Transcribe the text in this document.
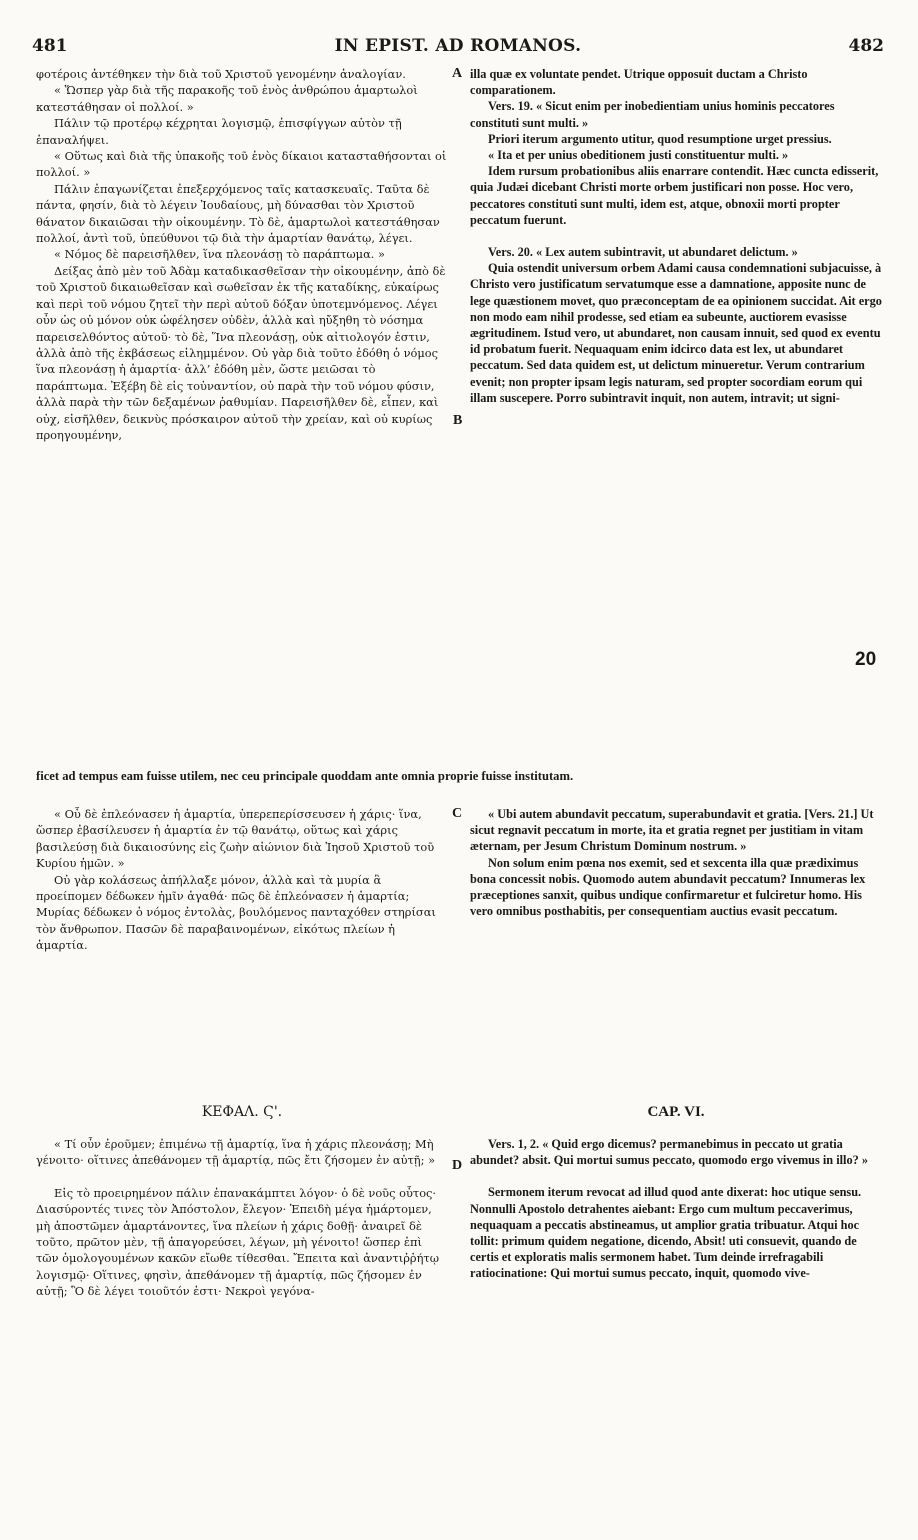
481	IN EPIST. AD ROMANOS.	482

φοτέροις ἀντέθηκεν τὴν διὰ τοῦ Χριστοῦ γενομένην ἀναλογίαν.

« Ὥσπερ γὰρ διὰ τῆς παρακοῆς τοῦ ἑνὸς ἀνθρώπου ἁμαρτωλοὶ κατεστάθησαν οἱ πολλοί. »

Πάλιν τῷ προτέρῳ κέχρηται λογισμῷ, ἐπισφίγγων αὐτὸν τῇ ἐπαναλήψει.

« Οὕτως καὶ διὰ τῆς ὑπακοῆς τοῦ ἑνὸς δίκαιοι κατασταθήσονται οἱ πολλοί. »

Πάλιν ἐπαγωνίζεται ἐπεξερχόμενος ταῖς κατασκευαῖς. Ταῦτα δὲ πάντα, φησίν, διὰ τὸ λέγειν Ἰουδαίους, μὴ δύνασθαι τὸν Χριστοῦ θάνατον δικαιῶσαι τὴν οἰκουμένην. Τὸ δὲ, ἁμαρτωλοὶ κατεστάθησαν πολλοί, ἀντὶ τοῦ, ὑπεύθυνοι τῷ διὰ τὴν ἁμαρτίαν θανάτῳ, λέγει.

« Νόμος δὲ παρεισῆλθεν, ἵνα πλεονάσῃ τὸ παράπτωμα. »

Δείξας ἀπὸ μὲν τοῦ Ἀδὰμ καταδικασθεῖσαν τὴν οἰκουμένην, ἀπὸ δὲ τοῦ Χριστοῦ δικαιωθεῖσαν καὶ σωθεῖσαν ἐκ τῆς καταδίκης, εὐκαίρως καὶ περὶ τοῦ νόμου ζητεῖ τὴν περὶ αὐτοῦ δόξαν ὑποτεμνόμενος. Λέγει οὖν ὡς οὐ μόνον οὐκ ὠφέλησεν οὐδὲν, ἀλλὰ καὶ ηὔξηθη τὸ νόσημα παρεισελθόντος αὐτοῦ· τὸ δὲ, Ἵνα πλεονάσῃ, οὐκ αἰτιολογόν ἐστιν, ἀλλὰ ἀπὸ τῆς ἐκβάσεως εἰλημμένον. Οὐ γὰρ διὰ τοῦτο ἐδόθη ὁ νόμος ἵνα πλεονάσῃ ἡ ἁμαρτία· ἀλλ’ ἐδόθη μὲν, ὥστε μειῶσαι τὸ παράπτωμα. Ἐξέβη δὲ εἰς τοὐναντίον, οὐ παρὰ τὴν τοῦ νόμου φύσιν, ἀλλὰ παρὰ τὴν τῶν δεξαμένων ῥαθυμίαν. Παρεισῆλθεν δὲ, εἶπεν, καὶ οὐχ, εἰσῆλθεν, δεικνὺς πρόσκαιρον αὐτοῦ τὴν χρείαν, καὶ οὐ κυρίως προηγουμένην,

illa quæ ex voluntate pendet. Utrique opposuit ductam a Christo comparationem.

Vers. 19. « Sicut enim per inobedientiam unius hominis peccatores constituti sunt multi. »

Priori iterum argumento utitur, quod resumptione urget pressius.

« Ita et per unius obeditionem justi constituentur multi. »

Idem rursum probationibus aliis enarrare contendit. Hæc cuncta edisserit, quia Judæi dicebant Christi morte orbem justificari non posse. Hoc vero, peccatores constituti sunt multi, idem est, atque, obnoxii morti propter peccatum fuerunt.

Vers. 20. « Lex autem subintravit, ut abundaret delictum. »

Quia ostendit universum orbem Adami causa condemnationi subjacuisse, à Christo vero justificatum servatumque esse a damnatione, apposite nunc de lege quæstionem movet, quo præconceptam de ea opinionem succidat. Ait ergo non modo eam nihil prodesse, sed etiam ea subeunte, auctiorem evasisse ægritudinem. Istud vero, ut abundaret, non causam innuit, sed quod ex eventu id probatum fuerit. Nequaquam enim idcirco data est lex, ut abundaret peccatum. Sed data quidem est, ut delictum minueretur. Verum contrarium evenit; non propter ipsam legis naturam, sed propter socordiam eorum qui illam suscepere. Porro subintravit inquit, non autem, intravit; ut signi-

A
B
C
D
20

ficet ad tempus eam fuisse utilem, nec ceu principale quoddam ante omnia proprie fuisse institutam.

« Οὗ δὲ ἐπλεόνασεν ἡ ἁμαρτία, ὑπερεπερίσσευσεν ἡ χάρις· ἵνα, ὥσπερ ἐβασίλευσεν ἡ ἁμαρτία ἐν τῷ θανάτῳ, οὕτως καὶ χάρις βασιλεύσῃ διὰ δικαιοσύνης εἰς ζωὴν αἰώνιον διὰ Ἰησοῦ Χριστοῦ τοῦ Κυρίου ἡμῶν. »

Οὐ γὰρ κολάσεως ἀπήλλαξε μόνον, ἀλλὰ καὶ τὰ μυρία ἃ προείπομεν δέδωκεν ἡμῖν ἀγαθά· πῶς δὲ ἐπλεόνασεν ἡ ἁμαρτία; Μυρίας δέδωκεν ὁ νόμος ἐντολὰς, βουλόμενος πανταχόθεν στηρίσαι τὸν ἄνθρωπον. Πασῶν δὲ παραβαινομένων, εἰκότως πλείων ἡ ἁμαρτία.

« Ubi autem abundavit peccatum, superabundavit et gratia. [Vers. 21.] Ut sicut regnavit peccatum in morte, ita et gratia regnet per justitiam in vitam æternam, per Jesum Christum Dominum nostrum. »

Non solum enim pœna nos exemit, sed et sexcenta illa quæ prædiximus bona concessit nobis. Quomodo autem abundavit peccatum? Innumeras lex præceptiones sanxit, quibus undique confirmaretur et fulciretur homo. His vero omnibus posthabitis, per consequentiam auctius evasit peccatum.

ΚΕΦΑΛ. Ϛ'.	CAP. VI.

« Τί οὖν ἐροῦμεν; ἐπιμένω τῇ ἁμαρτίᾳ, ἵνα ἡ χάρις πλεονάσῃ; Μὴ γένοιτο· οἵτινες ἀπεθάνομεν τῇ ἁμαρτίᾳ, πῶς ἔτι ζήσομεν ἐν αὐτῇ; »

Εἰς τὸ προειρημένον πάλιν ἐπανακάμπτει λόγον· ὁ δὲ νοῦς οὗτος· Διασύροντές τινες τὸν Ἀπόστολον, ἔλεγον· Ἐπειδὴ μέγα ἡμάρτομεν, μὴ ἀποστῶμεν ἁμαρτάνοντες, ἵνα πλείων ἡ χάρις δοθῇ· ἀναιρεῖ δὲ τοῦτο, πρῶτον μὲν, τῇ ἀπαγορεύσει, λέγων, μὴ γένοιτο! ὥσπερ ἐπὶ τῶν ὁμολογουμένων κακῶν εἴωθε τίθεσθαι. Ἔπειτα καὶ ἀναντιῤῥήτῳ λογισμῷ· Οἵτινες, φησὶν, ἀπεθάνομεν τῇ ἁμαρτίᾳ, πῶς ζήσομεν ἐν αὐτῇ; Ὃ δὲ λέγει τοιοῦτόν ἐστι· Νεκροὶ γεγόνα-

Vers. 1, 2. « Quid ergo dicemus? permanebimus in peccato ut gratia abundet? absit. Qui mortui sumus peccato, quomodo ergo vivemus in illo? »

Sermonem iterum revocat ad illud quod ante dixerat: hoc utique sensu. Nonnulli Apostolo detrahentes aiebant: Ergo cum multum peccaverimus, nequaquam a peccatis abstineamus, ut amplior gratia tribuatur. Atqui hoc tollit: primum quidem negatione, dicendo, Absit! uti consuevit, quando de certis et exploratis malis sermonem habet. Tum deinde irrefragabili ratiocinatione: Qui mortui sumus peccato, inquit, quomodo vive-
